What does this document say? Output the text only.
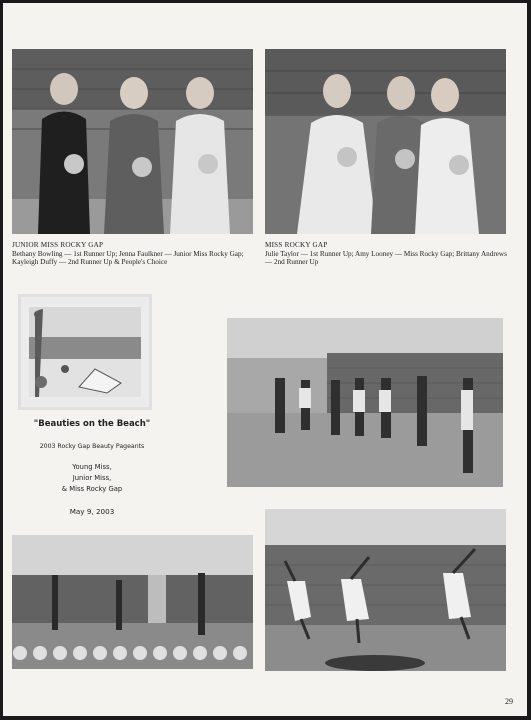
JUNIOR MISS ROCKY GAP
Bethany Bowling — 1st Runner Up; Jenna Faulkner — Junior Miss Rocky Gap; Kayleigh Duffy — 2nd Runner Up & People's Choice
MISS ROCKY GAP
Julie Taylor — 1st Runner Up; Amy Looney — Miss Rocky Gap; Brittany Andrews — 2nd Runner Up
"Beauties on the Beach"
2003 Rocky Gap Beauty Pageants
Young Miss,
Junior Miss,
& Miss Rocky Gap
May 9, 2003
29
